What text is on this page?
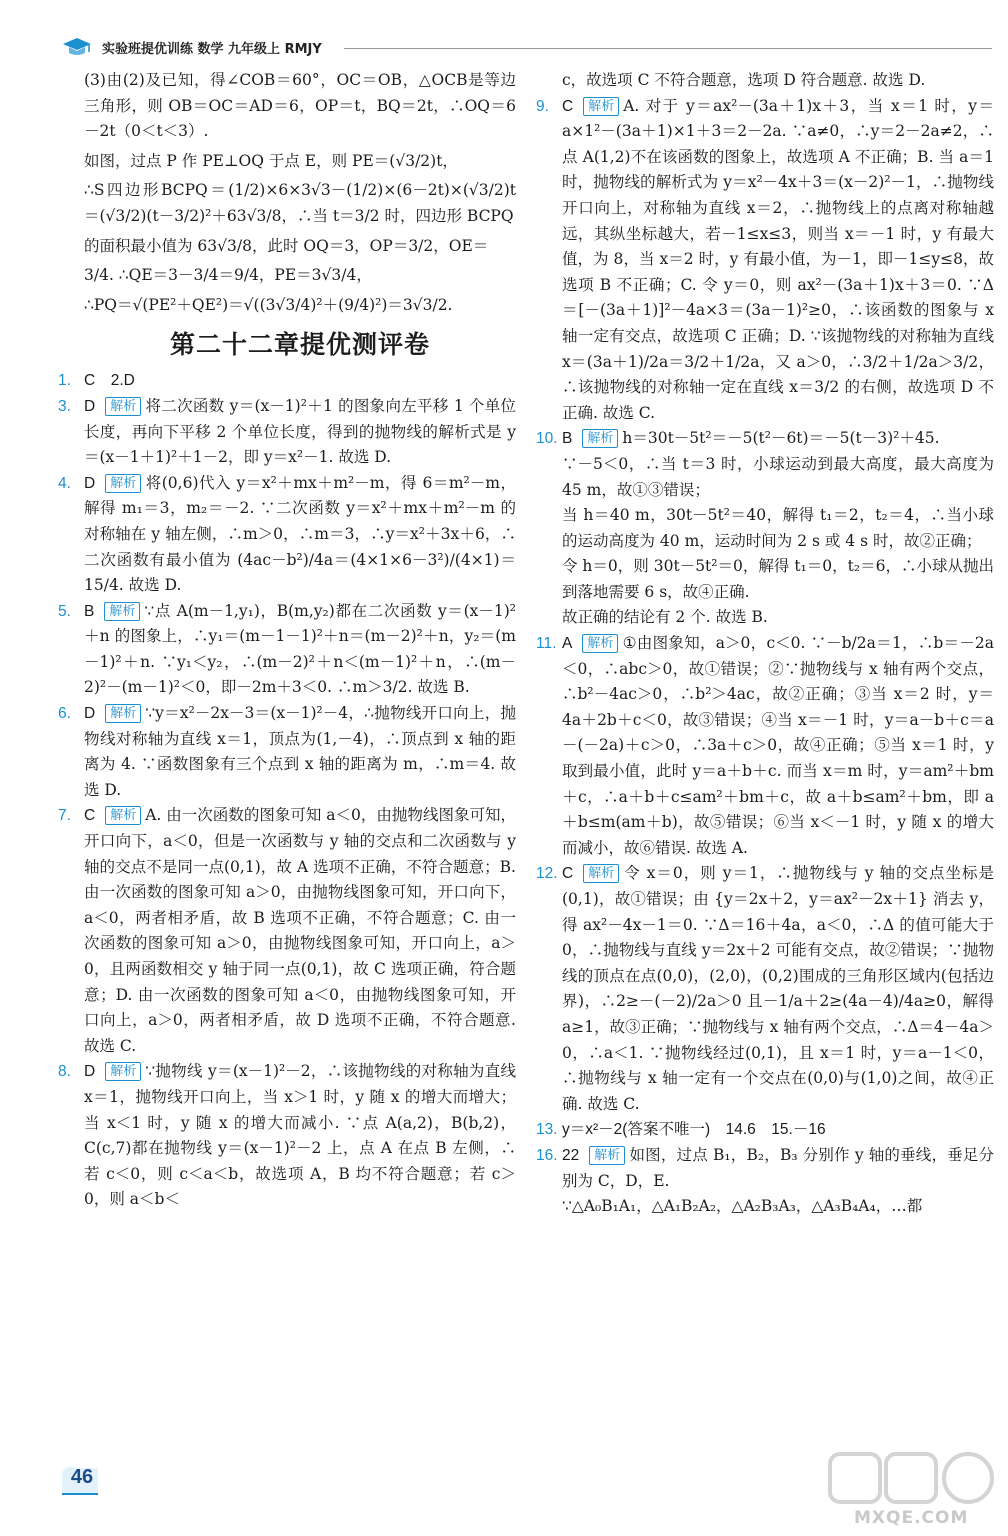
实验班提优训练 数学 九年级上 RMJY

(3)由(2)及已知，得∠COB＝60°，OC＝OB，△OCB是等边三角形，则 OB＝OC＝AD＝6，OP＝t，BQ＝2t，∴OQ＝6－2t（0＜t＜3）.

如图，过点 P 作 PE⊥OQ 于点 E，则 PE＝(√3/2)t，

∴S四边形BCPQ＝(1/2)×6×3√3－(1/2)×(6－2t)×(√3/2)t＝(√3/2)(t－3/2)²＋63√3/8，∴当 t＝3/2 时，四边形 BCPQ

的面积最小值为 63√3/8，此时 OQ＝3，OP＝3/2，OE＝

3/4. ∴QE＝3－3/4＝9/4，PE＝3√3/4，

∴PQ＝√(PE²＋QE²)＝√((3√3/4)²＋(9/4)²)＝3√3/2.

第二十二章提优测评卷

1. C　 2.D

3. D 解析 将二次函数 y＝(x－1)²＋1 的图象向左平移 1 个单位长度，再向下平移 2 个单位长度，得到的抛物线的解析式是 y＝(x－1＋1)²＋1－2，即 y＝x²－1. 故选 D.

4. D 解析 将(0,6)代入 y＝x²＋mx＋m²－m，得 6＝m²－m，解得 m₁＝3，m₂＝－2. ∵二次函数 y＝x²＋mx＋m²－m 的对称轴在 y 轴左侧，∴m＞0，∴m＝3，∴y＝x²＋3x＋6，∴二次函数有最小值为 (4ac－b²)/4a＝(4×1×6－3²)/(4×1)＝15/4. 故选 D.

5. B 解析 ∵点 A(m－1,y₁)，B(m,y₂)都在二次函数 y＝(x－1)²＋n 的图象上，∴y₁＝(m－1－1)²＋n＝(m－2)²＋n，y₂＝(m－1)²＋n. ∵y₁＜y₂，∴(m－2)²＋n＜(m－1)²＋n，∴(m－2)²－(m－1)²＜0，即－2m＋3＜0. ∴m＞3/2. 故选 B.

6. D 解析 ∵y＝x²－2x－3＝(x－1)²－4，∴抛物线开口向上，抛物线对称轴为直线 x＝1，顶点为(1,－4)，∴顶点到 x 轴的距离为 4. ∵函数图象有三个点到 x 轴的距离为 m，∴m＝4. 故选 D.

7. C 解析 A. 由一次函数的图象可知 a＜0，由抛物线图象可知，开口向下，a＜0，但是一次函数与 y 轴的交点和二次函数与 y 轴的交点不是同一点(0,1)，故 A 选项不正确，不符合题意；B. 由一次函数的图象可知 a＞0，由抛物线图象可知，开口向下，a＜0，两者相矛盾，故 B 选项不正确，不符合题意；C. 由一次函数的图象可知 a＞0，由抛物线图象可知，开口向上，a＞0，且两函数相交 y 轴于同一点(0,1)，故 C 选项正确，符合题意；D. 由一次函数的图象可知 a＜0，由抛物线图象可知，开口向上，a＞0，两者相矛盾，故 D 选项不正确，不符合题意. 故选 C.

8. D 解析 ∵抛物线 y＝(x－1)²－2，∴该抛物线的对称轴为直线 x＝1，抛物线开口向上，当 x＞1 时，y 随 x 的增大而增大；当 x＜1 时，y 随 x 的增大而减小. ∵点 A(a,2)，B(b,2)，C(c,7)都在抛物线 y＝(x－1)²－2 上，点 A 在点 B 左侧，∴若 c＜0，则 c＜a＜b，故选项 A，B 均不符合题意；若 c＞0，则 a＜b＜

c，故选项 C 不符合题意，选项 D 符合题意. 故选 D.

9. C 解析 A. 对于 y＝ax²－(3a＋1)x＋3，当 x＝1 时，y＝a×1²－(3a＋1)×1＋3＝2－2a. ∵a≠0，∴y＝2－2a≠2，∴点 A(1,2)不在该函数的图象上，故选项 A 不正确；B. 当 a＝1 时，抛物线的解析式为 y＝x²－4x＋3＝(x－2)²－1，∴抛物线开口向上，对称轴为直线 x＝2，∴抛物线上的点离对称轴越远，其纵坐标越大，若－1≤x≤3，则当 x＝－1 时，y 有最大值，为 8，当 x＝2 时，y 有最小值，为－1，即－1≤y≤8，故选项 B 不正确；C. 令 y＝0，则 ax²－(3a＋1)x＋3＝0. ∵Δ＝[－(3a＋1)]²－4a×3＝(3a－1)²≥0，∴该函数的图象与 x 轴一定有交点，故选项 C 正确；D. ∵该抛物线的对称轴为直线 x＝(3a＋1)/2a＝3/2＋1/2a，又 a＞0，∴3/2＋1/2a＞3/2，∴该抛物线的对称轴一定在直线 x＝3/2 的右侧，故选项 D 不正确. 故选 C.

10. B 解析 h＝30t－5t²＝－5(t²－6t)＝－5(t－3)²＋45.

∵－5＜0，∴当 t＝3 时，小球运动到最大高度，最大高度为 45 m，故①③错误；

当 h＝40 m，30t－5t²＝40，解得 t₁＝2，t₂＝4，∴当小球的运动高度为 40 m，运动时间为 2 s 或 4 s 时，故②正确；

令 h＝0，则 30t－5t²＝0，解得 t₁＝0，t₂＝6，∴小球从抛出到落地需要 6 s，故④正确.

故正确的结论有 2 个. 故选 B.

11. A 解析 ①由图象知，a＞0，c＜0. ∵－b/2a＝1，∴b＝－2a＜0，∴abc＞0，故①错误；②∵抛物线与 x 轴有两个交点，∴b²－4ac＞0，∴b²＞4ac，故②正确；③当 x＝2 时，y＝4a＋2b＋c＜0，故③错误；④当 x＝－1 时，y＝a－b＋c＝a－(－2a)＋c＞0，∴3a＋c＞0，故④正确；⑤当 x＝1 时，y 取到最小值，此时 y＝a＋b＋c. 而当 x＝m 时，y＝am²＋bm＋c，∴a＋b＋c≤am²＋bm＋c，故 a＋b≤am²＋bm，即 a＋b≤m(am＋b)，故⑤错误；⑥当 x＜－1 时，y 随 x 的增大而减小，故⑥错误. 故选 A.

12. C 解析 令 x＝0，则 y＝1，∴抛物线与 y 轴的交点坐标是(0,1)，故①错误；由 {y＝2x＋2，y＝ax²－2x＋1} 消去 y，得 ax²－4x－1＝0. ∵Δ＝16＋4a，a＜0，∴Δ 的值可能大于 0，∴抛物线与直线 y＝2x＋2 可能有交点，故②错误；∵抛物线的顶点在点(0,0)，(2,0)，(0,2)围成的三角形区域内(包括边界)，∴2≥－(－2)/2a＞0 且－1/a＋2≥(4a－4)/4a≥0，解得 a≥1，故③正确；∵抛物线与 x 轴有两个交点，∴Δ＝4－4a＞0，∴a＜1. ∵抛物线经过(0,1)，且 x＝1 时，y＝a－1＜0，∴抛物线与 x 轴一定有一个交点在(0,0)与(1,0)之间，故④正确. 故选 C.

13. y＝x²－2(答案不唯一)　 14.6　15.－16

16. 22 解析 如图，过点 B₁，B₂，B₃ 分别作 y 轴的垂线，垂足分别为 C，D，E.

∵△A₀B₁A₁，△A₁B₂A₂，△A₂B₃A₃，△A₃B₄A₄，…都

46
MXQE.COM
